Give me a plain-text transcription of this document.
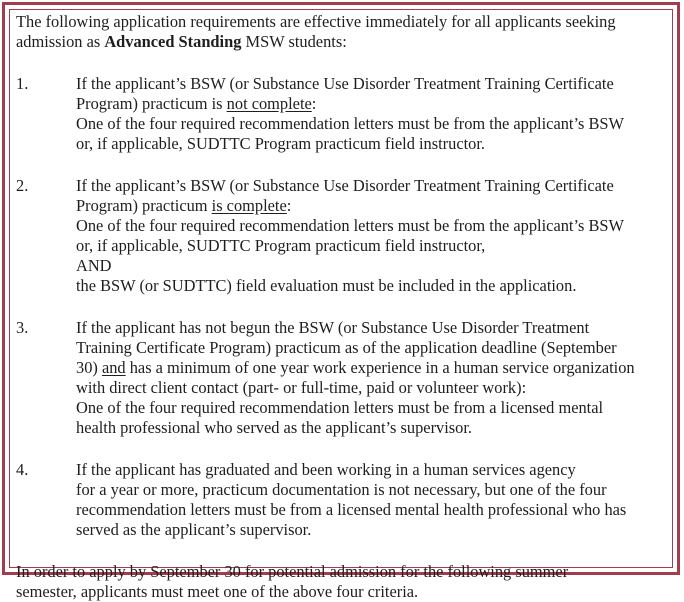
The following application requirements are effective immediately for all applicants seeking
admission as Advanced Standing MSW students:
1.	If the applicant’s BSW (or Substance Use Disorder Treatment Training Certificate
Program) practicum is not complete:
One of the four required recommendation letters must be from the applicant’s BSW
or, if applicable, SUDTTC Program practicum field instructor.
2.	If the applicant’s BSW (or Substance Use Disorder Treatment Training Certificate
Program) practicum is complete:
One of the four required recommendation letters must be from the applicant’s BSW
or, if applicable, SUDTTC Program practicum field instructor,
AND
the BSW (or SUDTTC) field evaluation must be included in the application.
3.	If the applicant has not begun the BSW (or Substance Use Disorder Treatment
Training Certificate Program) practicum as of the application deadline (September
30) and has a minimum of one year work experience in a human service organization
with direct client contact (part- or full-time, paid or volunteer work):
One of the four required recommendation letters must be from a licensed mental
health professional who served as the applicant’s supervisor.
4.	If the applicant has graduated and been working in a human services agency
for a year or more, practicum documentation is not necessary, but one of the four
recommendation letters must be from a licensed mental health professional who has
served as the applicant’s supervisor.
In order to apply by September 30 for potential admission for the following summer
semester, applicants must meet one of the above four criteria.
